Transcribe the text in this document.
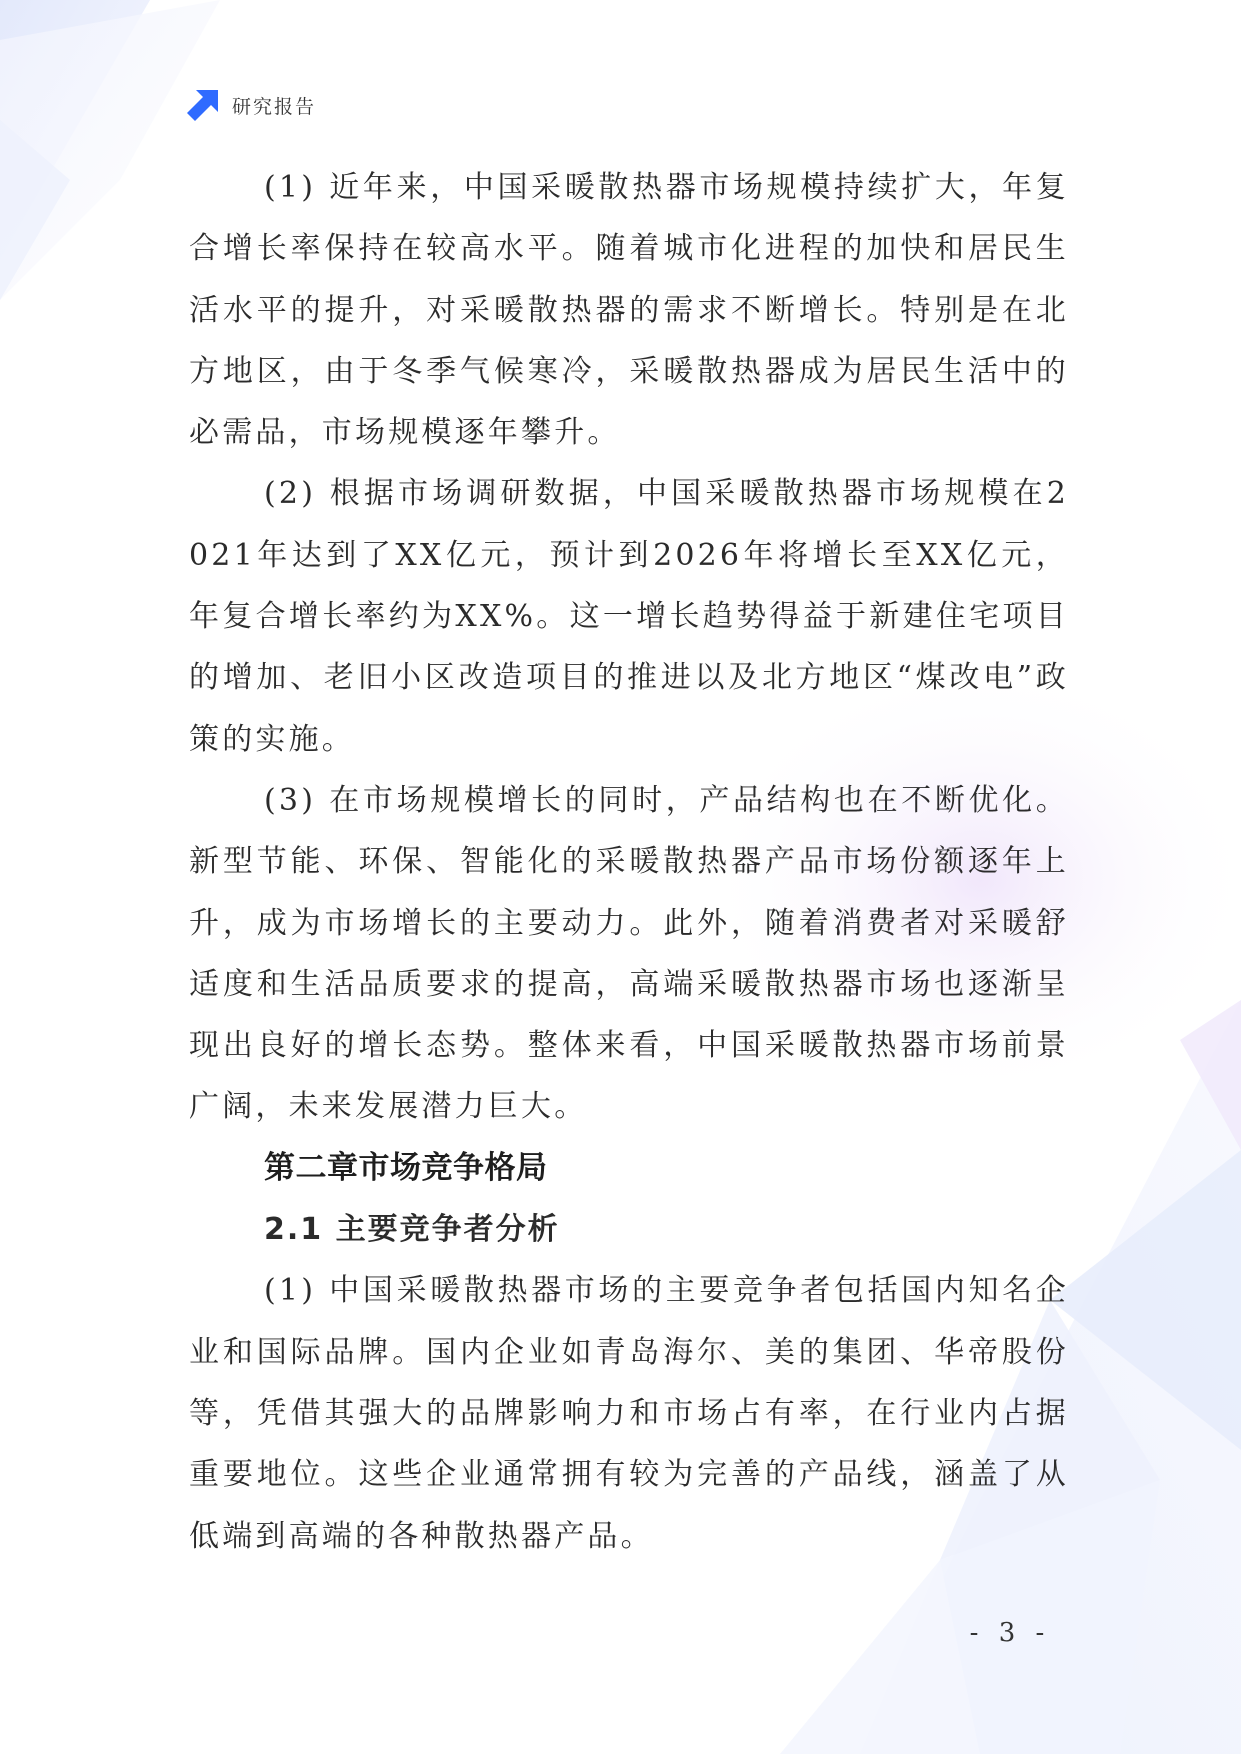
研究报告

(1) 近年来，中国采暖散热器市场规模持续扩大，年复合增长率保持在较高水平。随着城市化进程的加快和居民生活水平的提升，对采暖散热器的需求不断增长。特别是在北方地区，由于冬季气候寒冷，采暖散热器成为居民生活中的必需品，市场规模逐年攀升。

(2) 根据市场调研数据，中国采暖散热器市场规模在2021年达到了XX亿元，预计到2026年将增长至XX亿元，年复合增长率约为XX%。这一增长趋势得益于新建住宅项目的增加、老旧小区改造项目的推进以及北方地区“煤改电”政策的实施。

(3) 在市场规模增长的同时，产品结构也在不断优化。新型节能、环保、智能化的采暖散热器产品市场份额逐年上升，成为市场增长的主要动力。此外，随着消费者对采暖舒适度和生活品质要求的提高，高端采暖散热器市场也逐渐呈现出良好的增长态势。整体来看，中国采暖散热器市场前景广阔，未来发展潜力巨大。

第二章市场竞争格局
2.1 主要竞争者分析

(1) 中国采暖散热器市场的主要竞争者包括国内知名企业和国际品牌。国内企业如青岛海尔、美的集团、华帝股份等，凭借其强大的品牌影响力和市场占有率，在行业内占据重要地位。这些企业通常拥有较为完善的产品线，涵盖了从低端到高端的各种散热器产品。

- 3 -
